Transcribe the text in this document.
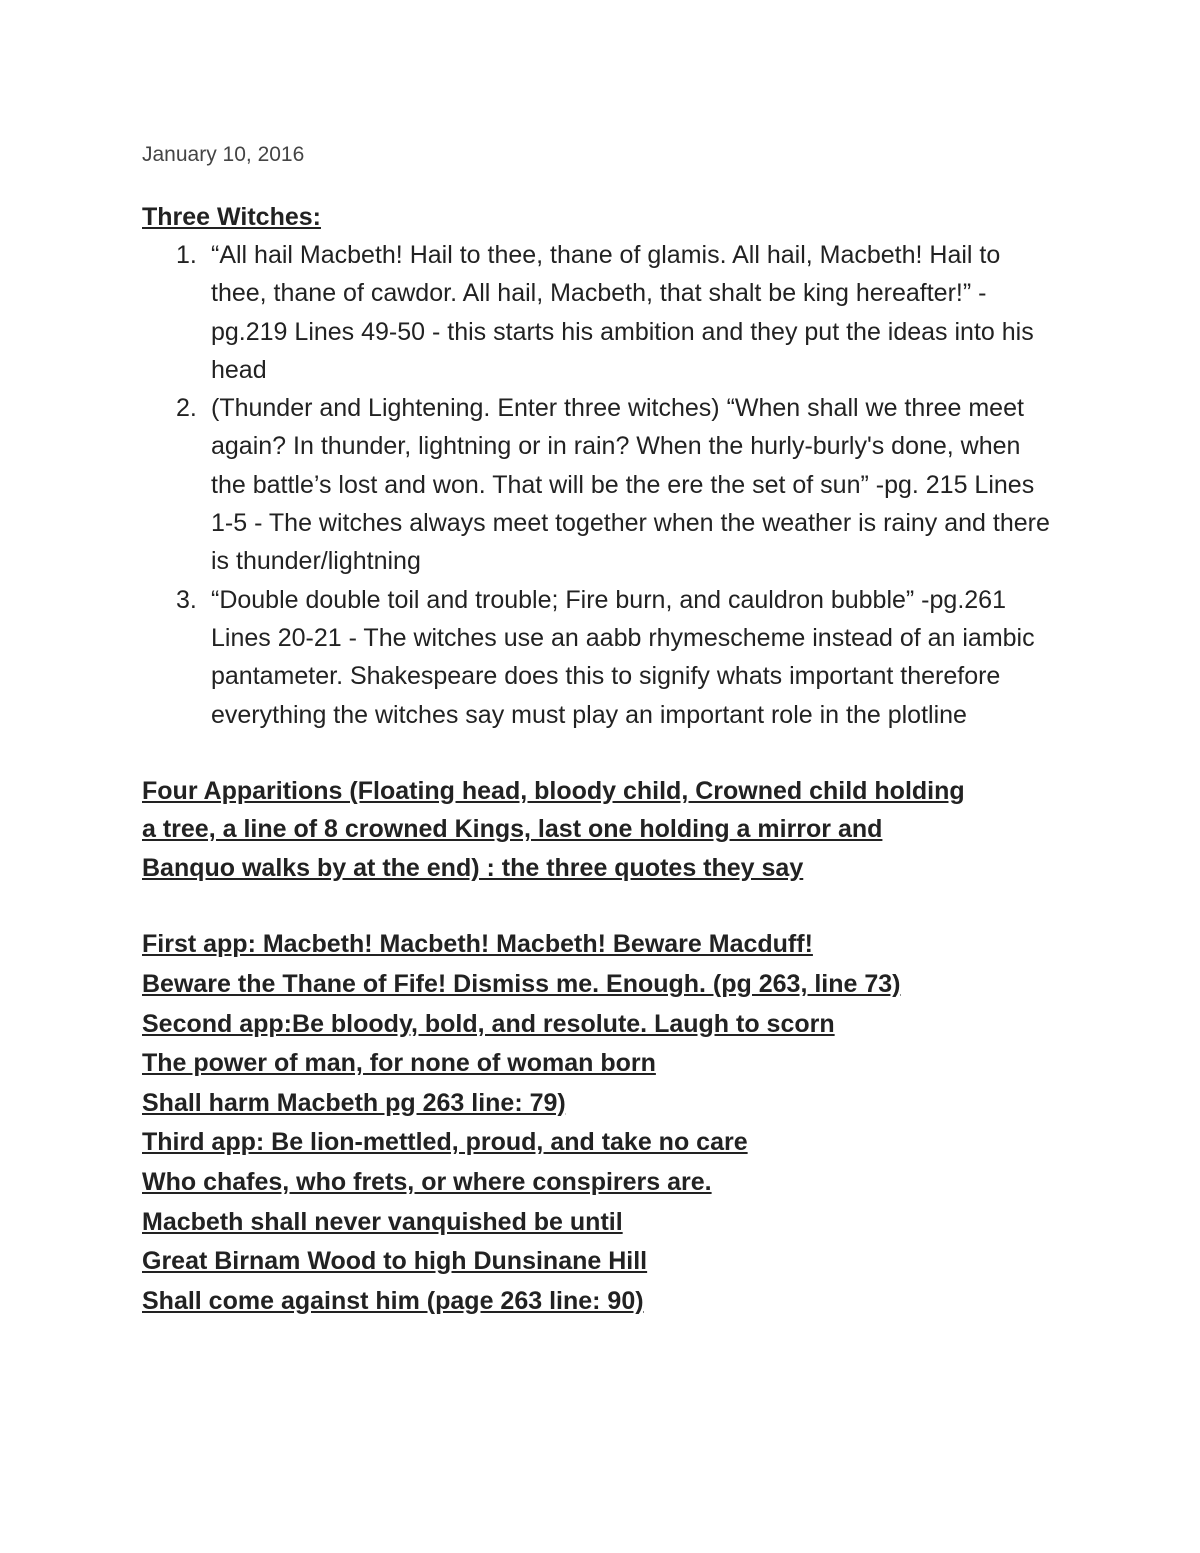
January 10, 2016
Three Witches:
1. “All hail Macbeth! Hail to thee, thane of glamis. All hail, Macbeth! Hail to thee, thane of cawdor. All hail, Macbeth, that shalt be king hereafter!” - pg.219 Lines 49-50 - this starts his ambition and they put the ideas into his head
2. (Thunder and Lightening. Enter three witches) “When shall we three meet again? In thunder, lightning or in rain? When the hurly-burly's done, when the battle’s lost and won. That will be the ere the set of sun” -pg. 215 Lines 1-5 - The witches always meet together when the weather is rainy and there is thunder/lightning
3. “Double double toil and trouble; Fire burn, and cauldron bubble” -pg.261 Lines 20-21 - The witches use an aabb rhymescheme instead of an iambic pantameter. Shakespeare does this to signify whats important therefore everything the witches say must play an important role in the plotline
Four Apparitions (Floating head, bloody child, Crowned child holding
a tree, a line of 8 crowned Kings, last one holding a mirror and
Banquo walks by at the end) : the three quotes they say
First app: Macbeth! Macbeth! Macbeth! Beware Macduff!
Beware the Thane of Fife! Dismiss me. Enough. (pg 263, line 73)
Second app:Be bloody, bold, and resolute. Laugh to scorn
The power of man, for none of woman born
Shall harm Macbeth pg 263 line: 79)
Third app: Be lion-mettled, proud, and take no care
Who chafes, who frets, or where conspirers are.
Macbeth shall never vanquished be until
Great Birnam Wood to high Dunsinane Hill
Shall come against him (page 263 line: 90)
